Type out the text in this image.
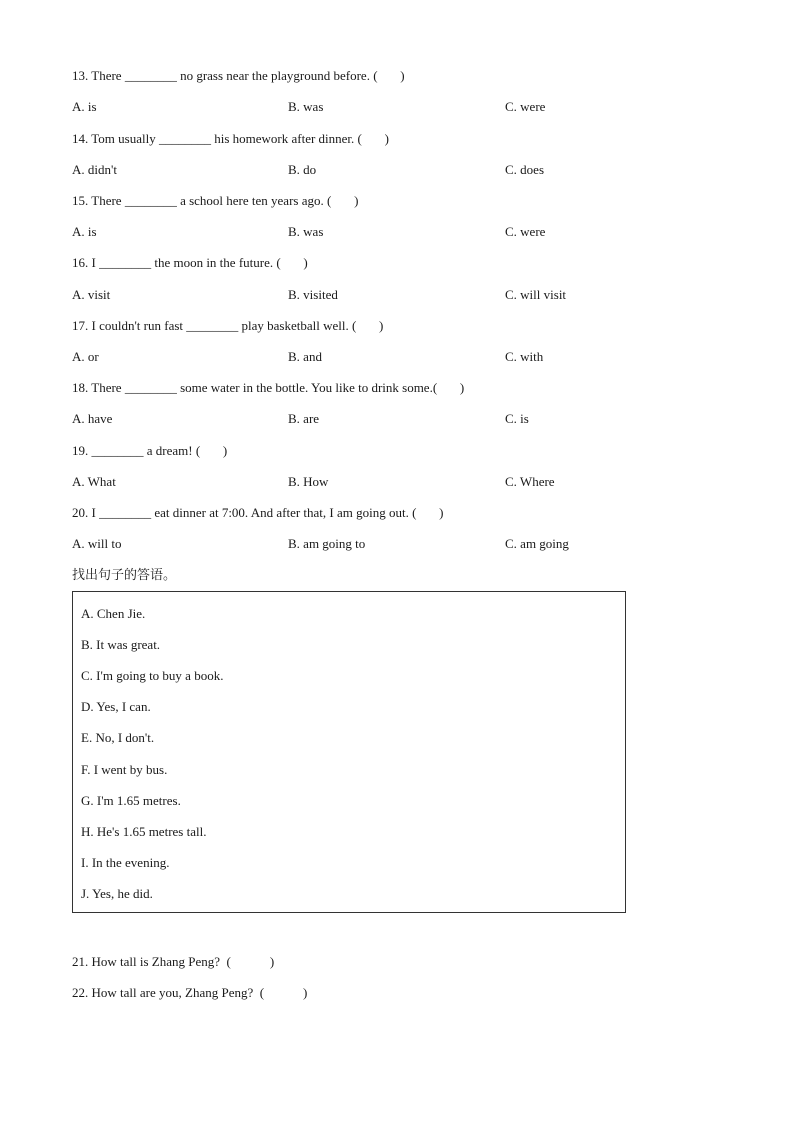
13. There ________ no grass near the playground before. (       )
A. is	B. was	C. were
14. Tom usually ________ his homework after dinner. (       )
A. didn't	B. do	C. does
15. There ________ a school here ten years ago. (       )
A. is	B. was	C. were
16. I ________ the moon in the future. (       )
A. visit	B. visited	C. will visit
17. I couldn't run fast ________ play basketball well. (       )
A. or	B. and	C. with
18. There ________ some water in the bottle. You like to drink some.(       )
A. have	B. are	C. is
19. ________ a dream! (       )
A. What	B. How	C. Where
20. I ________ eat dinner at 7:00. And after that, I am going out. (       )
A. will to	B. am going to	C. am going
找出句子的答语。
A. Chen Jie.
B. It was great.
C. I'm going to buy a book.
D. Yes, I can.
E. No, I don't.
F. I went by bus.
G. I'm 1.65 metres.
H. He's 1.65 metres tall.
I. In the evening.
J. Yes, he did.
21. How tall is Zhang Peng?  (            )
22. How tall are you, Zhang Peng?  (            )
